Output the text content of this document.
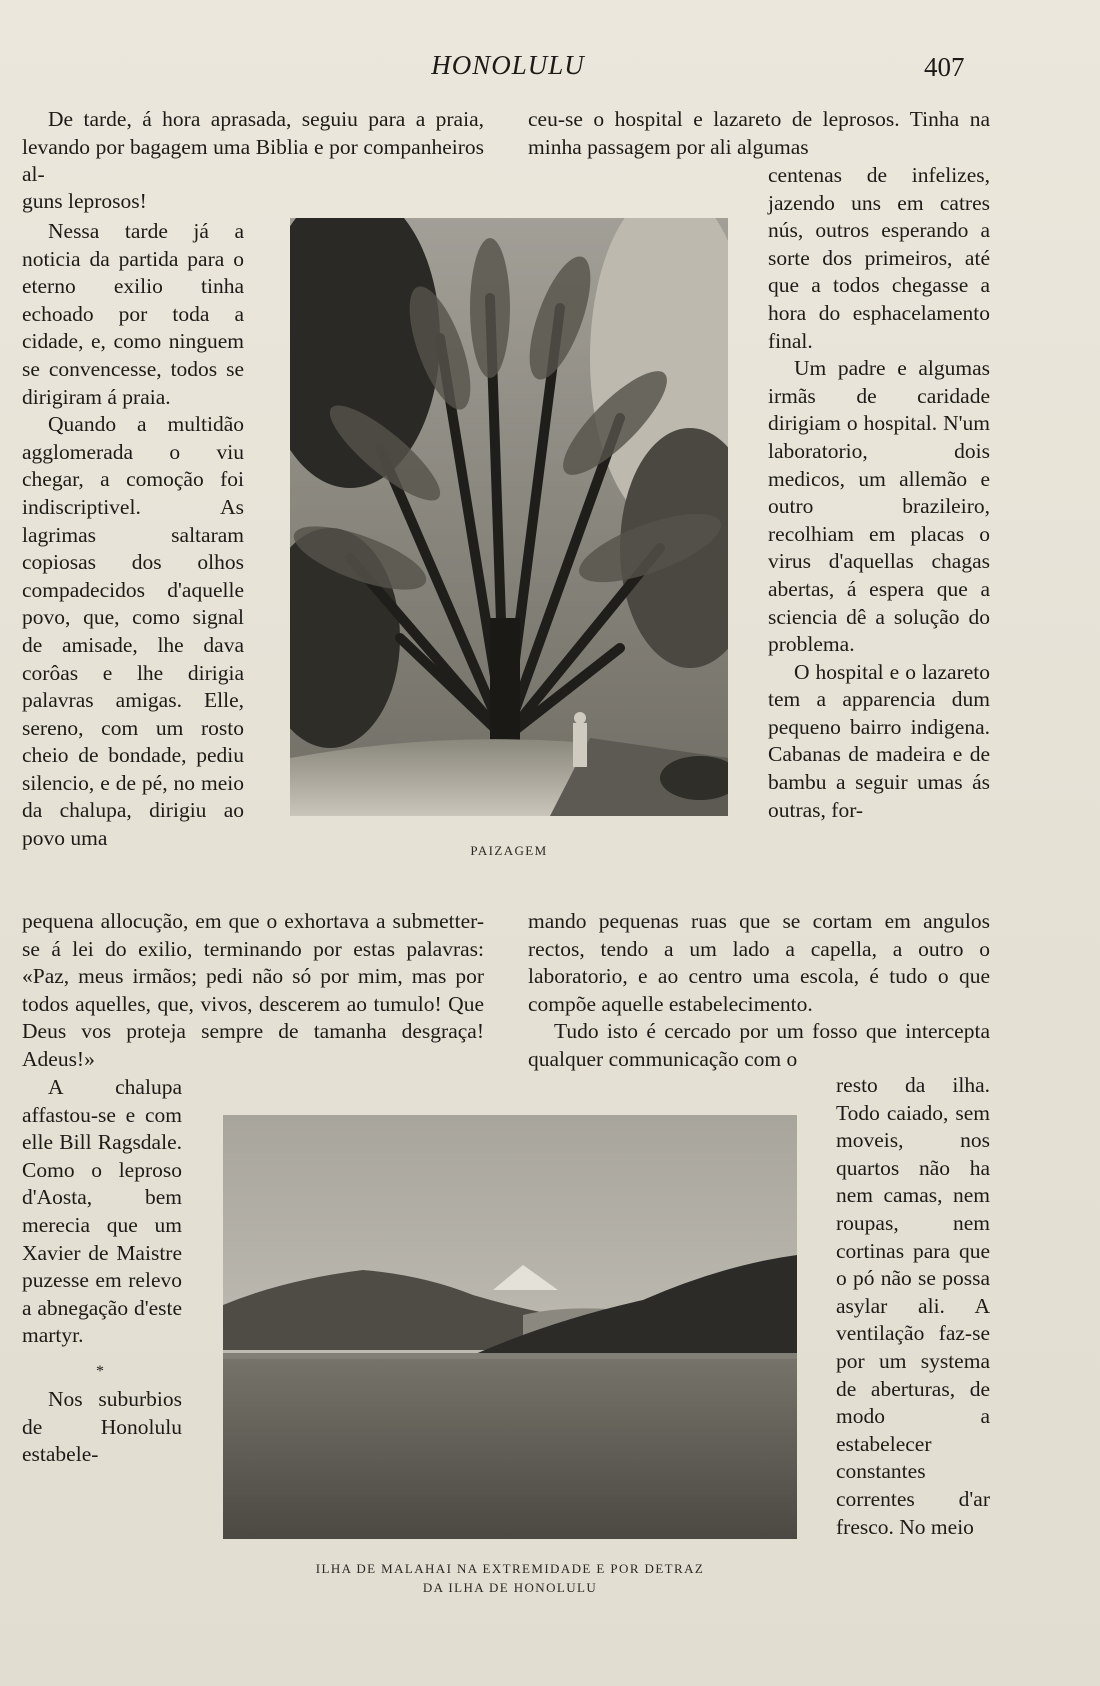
HONOLULU	407

De tarde, á hora aprasada, seguiu para a praia, levando por bagagem uma Biblia e por companheiros al-

guns leprosos!

Nessa tarde já a noticia da partida para o eterno exilio tinha echoado por toda a cidade, e, como ninguem se convencesse, todos se dirigiram á praia.

Quando a multidão agglomerada o viu chegar, a comoção foi indiscriptivel. As lagrimas saltaram copiosas dos olhos compadecidos d'aquelle povo, que, como signal de amisade, lhe dava corôas e lhe dirigia palavras amigas. Elle, sereno, com um rosto cheio de bondade, pediu silencio, e de pé, no meio da chalupa, dirigiu ao povo uma

pequena allocução, em que o exhortava a submetter-se á lei do exilio, terminando por estas palavras: «Paz, meus irmãos; pedi não só por mim, mas por todos aquelles, que, vivos, descerem ao tumulo! Que Deus vos proteja sempre de tamanha desgraça! Adeus!»

A chalupa affastou-se e com elle Bill Ragsdale. Como o leproso d'Aosta, bem merecia que um Xavier de Maistre puzesse em relevo a abnegação d'este martyr.

*

Nos suburbios de Honolulu estabele-

ceu-se o hospital e lazareto de leprosos. Tinha na minha passagem por ali algumas

centenas de infelizes, jazendo uns em catres nús, outros esperando a sorte dos primeiros, até que a todos chegasse a hora do esphacelamento final.

Um padre e algumas irmãs de caridade dirigiam o hospital. N'um laboratorio, dois medicos, um allemão e outro brazileiro, recolhiam em placas o virus d'aquellas chagas abertas, á espera que a sciencia dê a solução do problema.

O hospital e o lazareto tem a apparencia dum pequeno bairro indigena. Cabanas de madeira e de bambu a seguir umas ás outras, for-

mando pequenas ruas que se cortam em angulos rectos, tendo a um lado a capella, a outro o laboratorio, e ao centro uma escola, é tudo o que compõe aquelle estabelecimento.

Tudo isto é cercado por um fosso que intercepta qualquer communicação com o

resto da ilha. Todo caiado, sem moveis, nos quartos não ha nem camas, nem roupas, nem cortinas para que o pó não se possa asylar ali. A ventilação faz-se por um systema de aberturas, de modo a estabelecer constantes correntes d'ar fresco. No meio

PAIZAGEM
ILHA DE MALAHAI NA EXTREMIDADE E POR DETRAZ
DA ILHA DE HONOLULU
